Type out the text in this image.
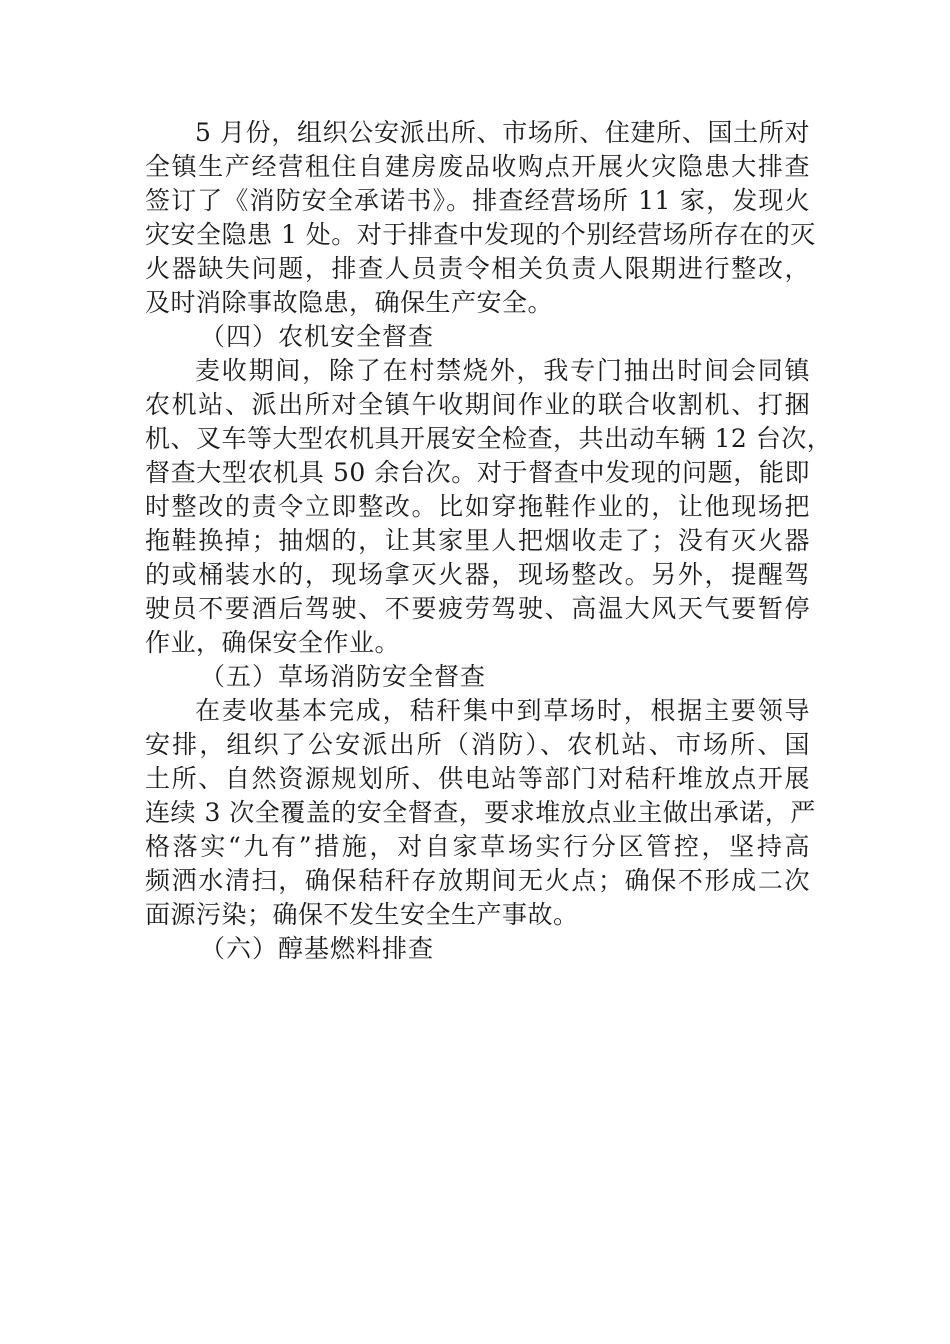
5 月份，组织公安派出所、市场所、住建所、国土所对
全镇生产经营租住自建房废品收购点开展火灾隐患大排查
签订了《消防安全承诺书》。排查经营场所 11 家，发现火
灾安全隐患 1 处。对于排查中发现的个别经营场所存在的灭
火器缺失问题，排查人员责令相关负责人限期进行整改，
及时消除事故隐患，确保生产安全。
（四）农机安全督查
麦收期间，除了在村禁烧外，我专门抽出时间会同镇
农机站、派出所对全镇午收期间作业的联合收割机、打捆
机、叉车等大型农机具开展安全检查，共出动车辆 12 台次，
督查大型农机具 50 余台次。对于督查中发现的问题，能即
时整改的责令立即整改。比如穿拖鞋作业的，让他现场把
拖鞋换掉；抽烟的，让其家里人把烟收走了；没有灭火器
的或桶装水的，现场拿灭火器，现场整改。另外，提醒驾
驶员不要酒后驾驶、不要疲劳驾驶、高温大风天气要暂停
作业，确保安全作业。
（五）草场消防安全督查
在麦收基本完成，秸秆集中到草场时，根据主要领导
安排，组织了公安派出所（消防）、农机站、市场所、国
土所、自然资源规划所、供电站等部门对秸秆堆放点开展
连续 3 次全覆盖的安全督查，要求堆放点业主做出承诺，严
格落实“九有”措施，对自家草场实行分区管控，坚持高
频洒水清扫，确保秸秆存放期间无火点；确保不形成二次
面源污染；确保不发生安全生产事故。
（六）醇基燃料排查
